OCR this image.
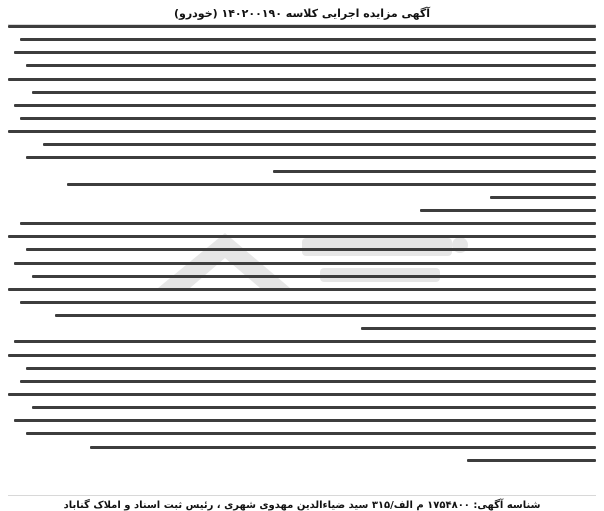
آگهی مزایده اجرایی کلاسه ۱۴۰۲۰۰۱۹۰ (خودرو)
شناسه آگهی: ۱۷۵۴۸۰۰ م الف/۳۱۵ سید ضیاءالدین مهدوی شهری ، رئیس ثبت اسناد و املاک گناباد
